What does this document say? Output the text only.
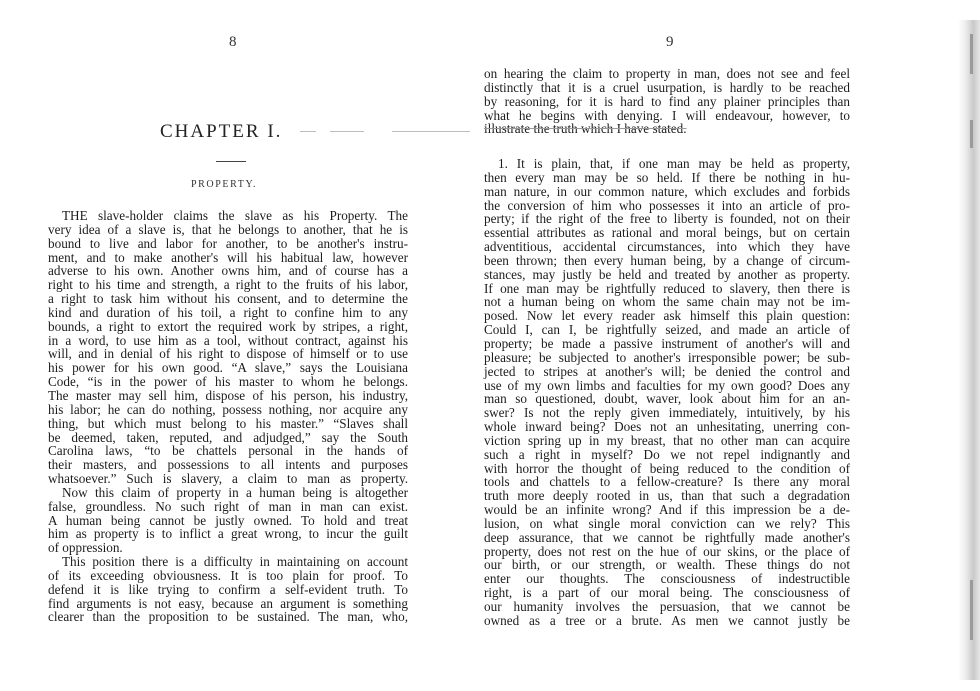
8
CHAPTER I.
PROPERTY.
THE slave-holder claims the slave as his Property. The
very idea of a slave is, that he belongs to another, that he is
bound to live and labor for another, to be another's instru-
ment, and to make another's will his habitual law, however
adverse to his own. Another owns him, and of course has a
right to his time and strength, a right to the fruits of his labor,
a right to task him without his consent, and to determine the
kind and duration of his toil, a right to confine him to any
bounds, a right to extort the required work by stripes, a right,
in a word, to use him as a tool, without contract, against his
will, and in denial of his right to dispose of himself or to use
his power for his own good. “A slave,” says the Louisiana
Code, “is in the power of his master to whom he belongs.
The master may sell him, dispose of his person, his industry,
his labor; he can do nothing, possess nothing, nor acquire any
thing, but which must belong to his master.” “Slaves shall
be deemed, taken, reputed, and adjudged,” say the South
Carolina laws, “to be chattels personal in the hands of
their masters, and possessions to all intents and purposes
whatsoever.” Such is slavery, a claim to man as property.
Now this claim of property in a human being is altogether
false, groundless. No such right of man in man can exist.
A human being cannot be justly owned. To hold and treat
him as property is to inflict a great wrong, to incur the guilt
of oppression.
This position there is a difficulty in maintaining on account
of its exceeding obviousness. It is too plain for proof. To
defend it is like trying to confirm a self-evident truth. To
find arguments is not easy, because an argument is something
clearer than the proposition to be sustained. The man, who,
9
on hearing the claim to property in man, does not see and feel
distinctly that it is a cruel usurpation, is hardly to be reached
by reasoning, for it is hard to find any plainer principles than
what he begins with denying. I will endeavour, however, to
illustrate the truth which I have stated.
1. It is plain, that, if one man may be held as property,
then every man may be so held. If there be nothing in hu-
man nature, in our common nature, which excludes and forbids
the conversion of him who possesses it into an article of pro-
perty; if the right of the free to liberty is founded, not on their
essential attributes as rational and moral beings, but on certain
adventitious, accidental circumstances, into which they have
been thrown; then every human being, by a change of circum-
stances, may justly be held and treated by another as property.
If one man may be rightfully reduced to slavery, then there is
not a human being on whom the same chain may not be im-
posed. Now let every reader ask himself this plain question:
Could I, can I, be rightfully seized, and made an article of
property; be made a passive instrument of another's will and
pleasure; be subjected to another's irresponsible power; be sub-
jected to stripes at another's will; be denied the control and
use of my own limbs and faculties for my own good? Does any
man so questioned, doubt, waver, look about him for an an-
swer? Is not the reply given immediately, intuitively, by his
whole inward being? Does not an unhesitating, unerring con-
viction spring up in my breast, that no other man can acquire
such a right in myself? Do we not repel indignantly and
with horror the thought of being reduced to the condition of
tools and chattels to a fellow-creature? Is there any moral
truth more deeply rooted in us, than that such a degradation
would be an infinite wrong? And if this impression be a de-
lusion, on what single moral conviction can we rely? This
deep assurance, that we cannot be rightfully made another's
property, does not rest on the hue of our skins, or the place of
our birth, or our strength, or wealth. These things do not
enter our thoughts. The consciousness of indestructible
right, is a part of our moral being. The consciousness of
our humanity involves the persuasion, that we cannot be
owned as a tree or a brute. As men we cannot justly be
